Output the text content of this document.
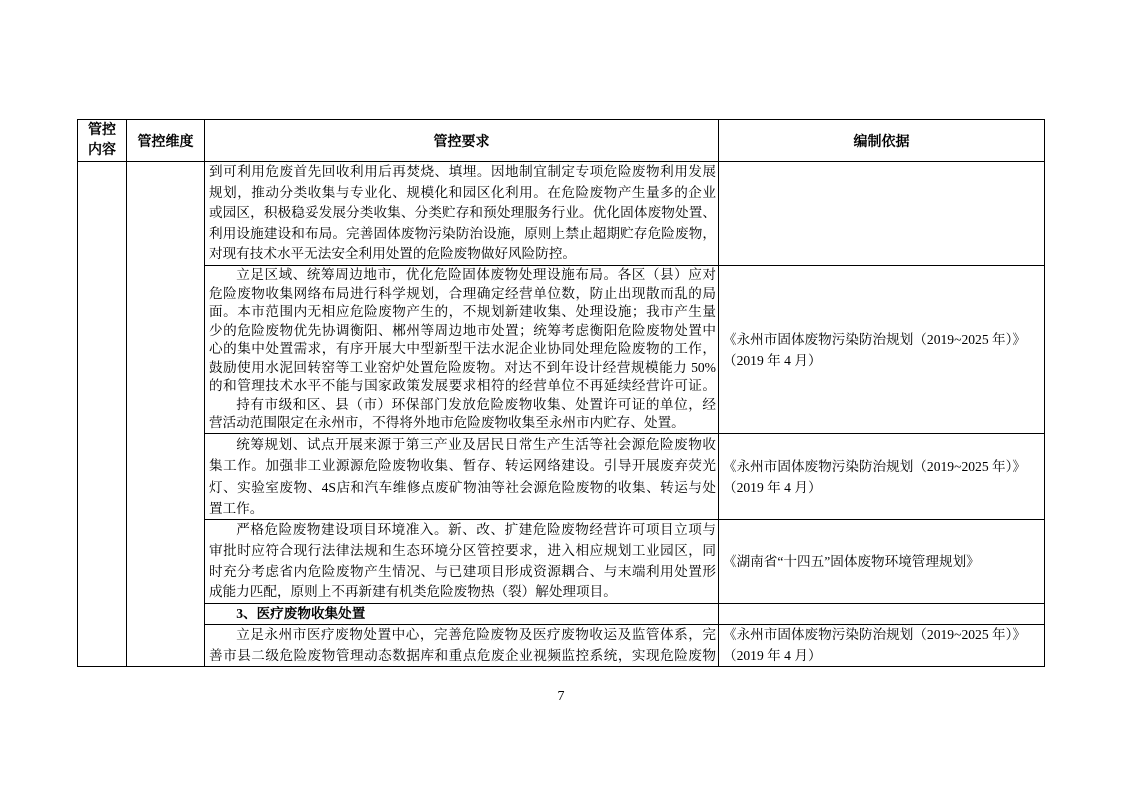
管控内容
管控维度	管控要求	编制依据
到可利用危废首先回收利用后再焚烧、填埋。因地制宜制定专项危险废物利用发展
规划，推动分类收集与专业化、规模化和园区化利用。在危险废物产生量多的企业
或园区，积极稳妥发展分类收集、分类贮存和预处理服务行业。优化固体废物处置、
利用设施建设和布局。完善固体废物污染防治设施，原则上禁止超期贮存危险废物，
对现有技术水平无法安全利用处置的危险废物做好风险防控。
立足区域、统筹周边地市，优化危险固体废物处理设施布局。各区（县）应对
危险废物收集网络布局进行科学规划，合理确定经营单位数，防止出现散而乱的局
面。本市范围内无相应危险废物产生的，不规划新建收集、处理设施；我市产生量
少的危险废物优先协调衡阳、郴州等周边地市处置；统筹考虑衡阳危险废物处置中
心的集中处置需求，有序开展大中型新型干法水泥企业协同处理危险废物的工作，
鼓励使用水泥回转窑等工业窑炉处置危险废物。对达不到年设计经营规模能力 50%
的和管理技术水平不能与国家政策发展要求相符的经营单位不再延续经营许可证。
持有市级和区、县（市）环保部门发放危险废物收集、处置许可证的单位，经
营活动范围限定在永州市，不得将外地市危险废物收集至永州市内贮存、处置。
《永州市固体废物污染防治规划（2019~2025 年）》
（2019 年 4 月）
统筹规划、试点开展来源于第三产业及居民日常生产生活等社会源危险废物收
集工作。加强非工业源源危险废物收集、暂存、转运网络建设。引导开展废弃荧光
灯、实验室废物、4S店和汽车维修点废矿物油等社会源危险废物的收集、转运与处
置工作。
《永州市固体废物污染防治规划（2019~2025 年）》
（2019 年 4 月）
严格危险废物建设项目环境准入。新、改、扩建危险废物经营许可项目立项与
审批时应符合现行法律法规和生态环境分区管控要求，进入相应规划工业园区，同
时充分考虑省内危险废物产生情况、与已建项目形成资源耦合、与末端利用处置形
成能力匹配，原则上不再新建有机类危险废物热（裂）解处理项目。
《湖南省“十四五”固体废物环境管理规划》
3、医疗废物收集处置
立足永州市医疗废物处置中心，完善危险废物及医疗废物收运及监管体系，完
善市县二级危险废物管理动态数据库和重点危废企业视频监控系统，实现危险废物
《永州市固体废物污染防治规划（2019~2025 年）》
（2019 年 4 月）
7
